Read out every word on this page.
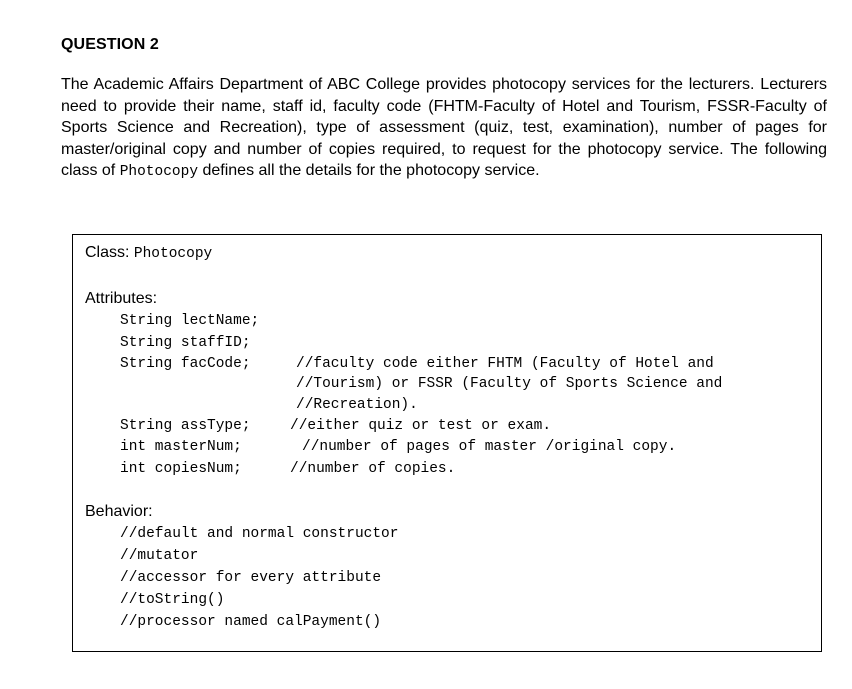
QUESTION 2

The Academic Affairs Department of ABC College provides photocopy services for the lecturers. Lecturers need to provide their name, staff id, faculty code (FHTM-Faculty of Hotel and Tourism, FSSR-Faculty of Sports Science and Recreation), type of assessment (quiz, test, examination), number of pages for master/original copy and number of copies required, to request for the photocopy service. The following class of Photocopy defines all the details for the photocopy service.

Class: Photocopy
Attributes:
String lectName;
String staffID;
String facCode;	//faculty code either FHTM (Faculty of Hotel and
//Tourism) or FSSR (Faculty of Sports Science and
//Recreation).
String assType;	//either quiz or test or exam.
int masterNum;	//number of pages of master /original copy.
int copiesNum;	//number of copies.
Behavior:
//default and normal constructor
//mutator
//accessor for every attribute
//toString()
//processor named calPayment()
